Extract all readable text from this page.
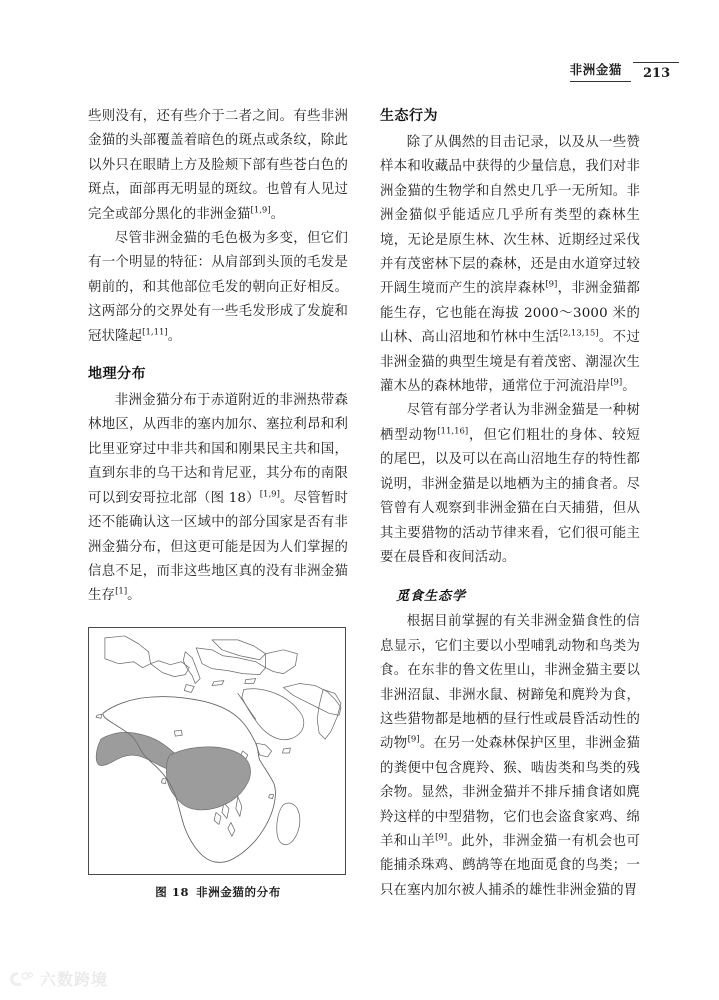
非洲金猫	213

些则没有，还有些介于二者之间。有些非洲金猫的头部覆盖着暗色的斑点或条纹，除此以外只在眼睛上方及脸颊下部有些苍白色的斑点，面部再无明显的斑纹。也曾有人见过完全或部分黑化的非洲金猫[1,9]。

尽管非洲金猫的毛色极为多变，但它们有一个明显的特征：从肩部到头顶的毛发是朝前的，和其他部位毛发的朝向正好相反。这两部分的交界处有一些毛发形成了发旋和冠状隆起[1,11]。

地理分布

非洲金猫分布于赤道附近的非洲热带森林地区，从西非的塞内加尔、塞拉利昂和利比里亚穿过中非共和国和刚果民主共和国，直到东非的乌干达和肯尼亚，其分布的南限可以到安哥拉北部（图 18）[1,9]。尽管暂时还不能确认这一区域中的部分国家是否有非洲金猫分布，但这更可能是因为人们掌握的信息不足，而非这些地区真的没有非洲金猫生存[1]。

图 18 非洲金猫的分布
生态行为

除了从偶然的目击记录，以及从一些赞样本和收藏品中获得的少量信息，我们对非洲金猫的生物学和自然史几乎一无所知。非洲金猫似乎能适应几乎所有类型的森林生境，无论是原生林、次生林、近期经过采伐并有茂密林下层的森林，还是由水道穿过较开阔生境而产生的滨岸森林[9]，非洲金猫都能生存，它也能在海拔 2000～3000 米的山林、高山沼地和竹林中生活[2,13,15]。不过非洲金猫的典型生境是有着茂密、潮湿次生灌木丛的森林地带，通常位于河流沿岸[9]。

尽管有部分学者认为非洲金猫是一种树栖型动物[11,16]，但它们粗壮的身体、较短的尾巴，以及可以在高山沼地生存的特性都说明，非洲金猫是以地栖为主的捕食者。尽管曾有人观察到非洲金猫在白天捕猎，但从其主要猎物的活动节律来看，它们很可能主要在晨昏和夜间活动。

觅食生态学

根据目前掌握的有关非洲金猫食性的信息显示，它们主要以小型哺乳动物和鸟类为食。在东非的鲁文佐里山，非洲金猫主要以非洲沼鼠、非洲水鼠、树蹄兔和麂羚为食，这些猎物都是地栖的昼行性或晨昏活动性的动物[9]。在另一处森林保护区里，非洲金猫的粪便中包含麂羚、猴、啮齿类和鸟类的残余物。显然，非洲金猫并不排斥捕食诸如麂羚这样的中型猎物，它们也会盗食家鸡、绵羊和山羊[9]。此外，非洲金猫一有机会也可能捕杀珠鸡、鹧鸪等在地面觅食的鸟类；一只在塞内加尔被人捕杀的雄性非洲金猫的胃

六数跨境
